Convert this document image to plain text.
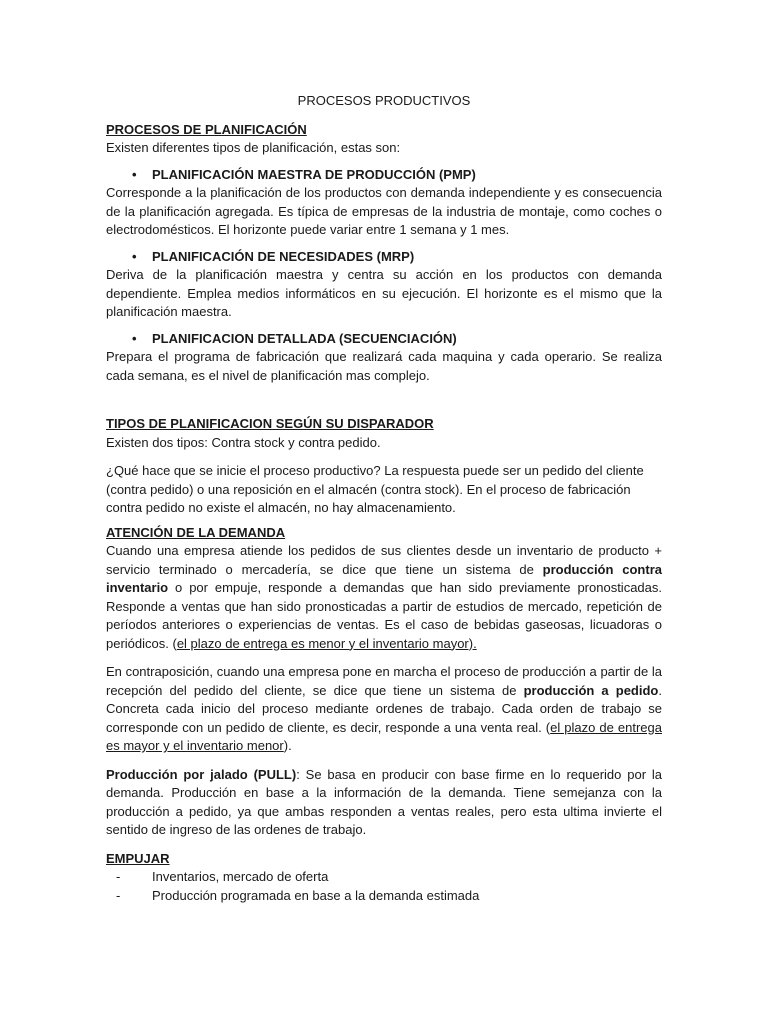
PROCESOS PRODUCTIVOS

PROCESOS DE PLANIFICACIÓN

Existen diferentes tipos de planificación, estas son:

•	PLANIFICACIÓN MAESTRA DE PRODUCCIÓN (PMP)

Corresponde a la planificación de los productos con demanda independiente y es consecuencia de la planificación agregada. Es típica de empresas de la industria de montaje, como coches o electrodomésticos. El horizonte puede variar entre 1 semana y 1 mes.

•	PLANIFICACIÓN DE NECESIDADES (MRP)

Deriva de la planificación maestra y centra su acción en los productos con demanda dependiente. Emplea medios informáticos en su ejecución. El horizonte es el mismo que la planificación maestra.

•	PLANIFICACION DETALLADA (SECUENCIACIÓN)

Prepara el programa de fabricación que realizará cada maquina y cada operario. Se realiza cada semana, es el nivel de planificación mas complejo.

TIPOS DE PLANIFICACION SEGÚN SU DISPARADOR

Existen dos tipos: Contra stock y contra pedido.

¿Qué hace que se inicie el proceso productivo? La respuesta puede ser un pedido del cliente (contra pedido) o una reposición en el almacén (contra stock). En el proceso de fabricación contra pedido no existe el almacén, no hay almacenamiento.

ATENCIÓN DE LA DEMANDA

Cuando una empresa atiende los pedidos de sus clientes desde un inventario de producto + servicio terminado o mercadería, se dice que tiene un sistema de producción contra inventario o por empuje, responde a demandas que han sido previamente pronosticadas. Responde a ventas que han sido pronosticadas a partir de estudios de mercado, repetición de períodos anteriores o experiencias de ventas. Es el caso de bebidas gaseosas, licuadoras o periódicos. (el plazo de entrega es menor y el inventario mayor).

En contraposición, cuando una empresa pone en marcha el proceso de producción a partir de la recepción del pedido del cliente, se dice que tiene un sistema de producción a pedido. Concreta cada inicio del proceso mediante ordenes de trabajo. Cada orden de trabajo se corresponde con un pedido de cliente, es decir, responde a una venta real. (el plazo de entrega es mayor y el inventario menor).

Producción por jalado (PULL): Se basa en producir con base firme en lo requerido por la demanda. Producción en base a la información de la demanda. Tiene semejanza con la producción a pedido, ya que ambas responden a ventas reales, pero esta ultima invierte el sentido de ingreso de las ordenes de trabajo.

EMPUJAR

-	Inventarios, mercado de oferta
-	Producción programada en base a la demanda estimada
